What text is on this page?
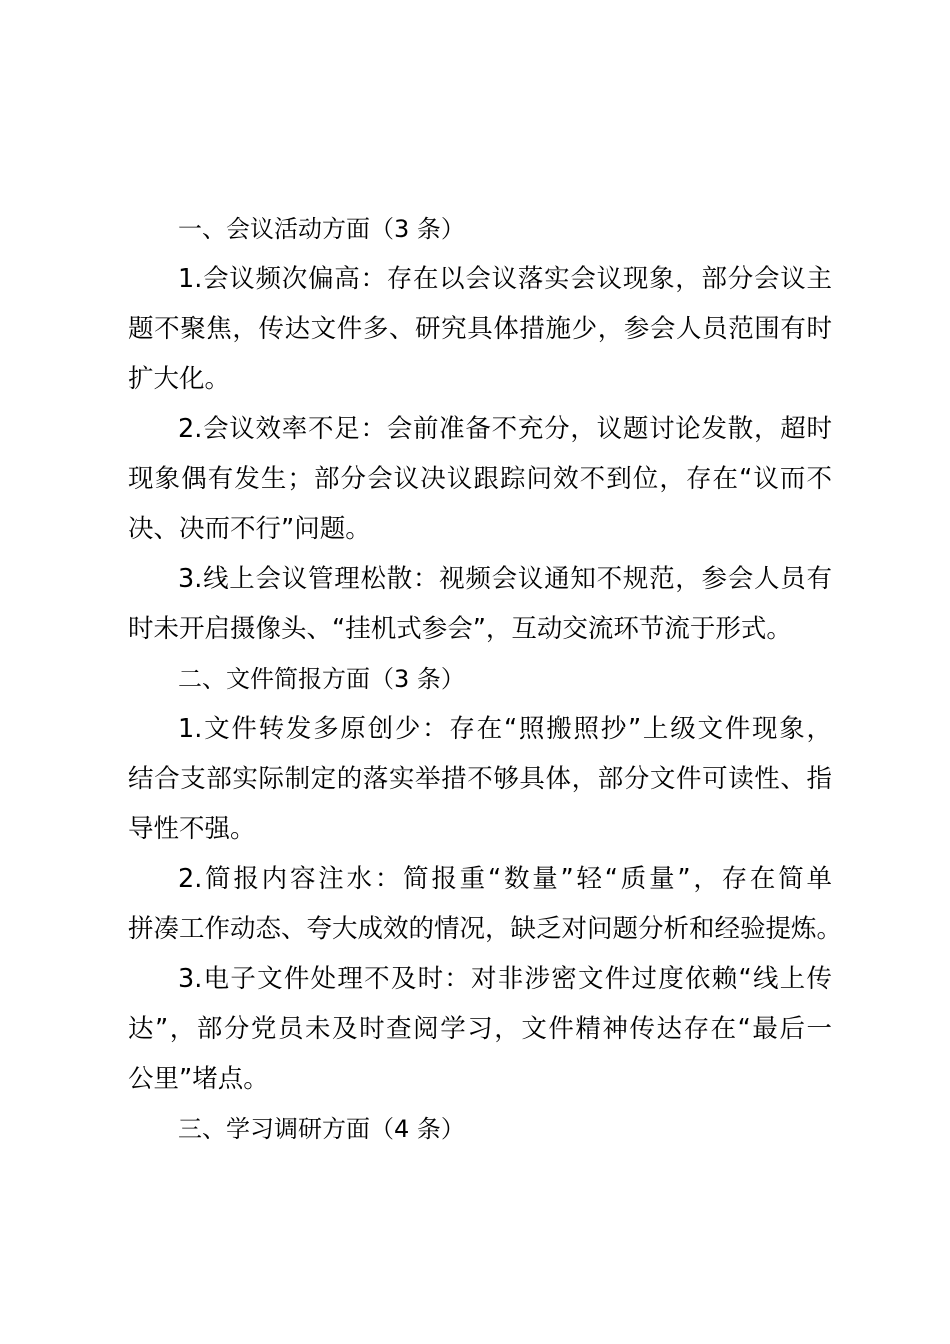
一、会议活动方面（3 条）

1.会议频次偏高：存在以会议落实会议现象，部分会议主
题不聚焦，传达文件多、研究具体措施少，参会人员范围有时
扩大化。

2.会议效率不足：会前准备不充分，议题讨论发散，超时
现象偶有发生；部分会议决议跟踪问效不到位，存在“议而不
决、决而不行”问题。

3.线上会议管理松散：视频会议通知不规范，参会人员有
时未开启摄像头、“挂机式参会”，互动交流环节流于形式。

二、文件简报方面（3 条）

1.文件转发多原创少：存在“照搬照抄”上级文件现象，
结合支部实际制定的落实举措不够具体，部分文件可读性、指
导性不强。

2.简报内容注水：简报重“数量”轻“质量”，存在简单
拼凑工作动态、夸大成效的情况，缺乏对问题分析和经验提炼。

3.电子文件处理不及时：对非涉密文件过度依赖“线上传
达”，部分党员未及时查阅学习，文件精神传达存在“最后一
公里”堵点。

三、学习调研方面（4 条）
